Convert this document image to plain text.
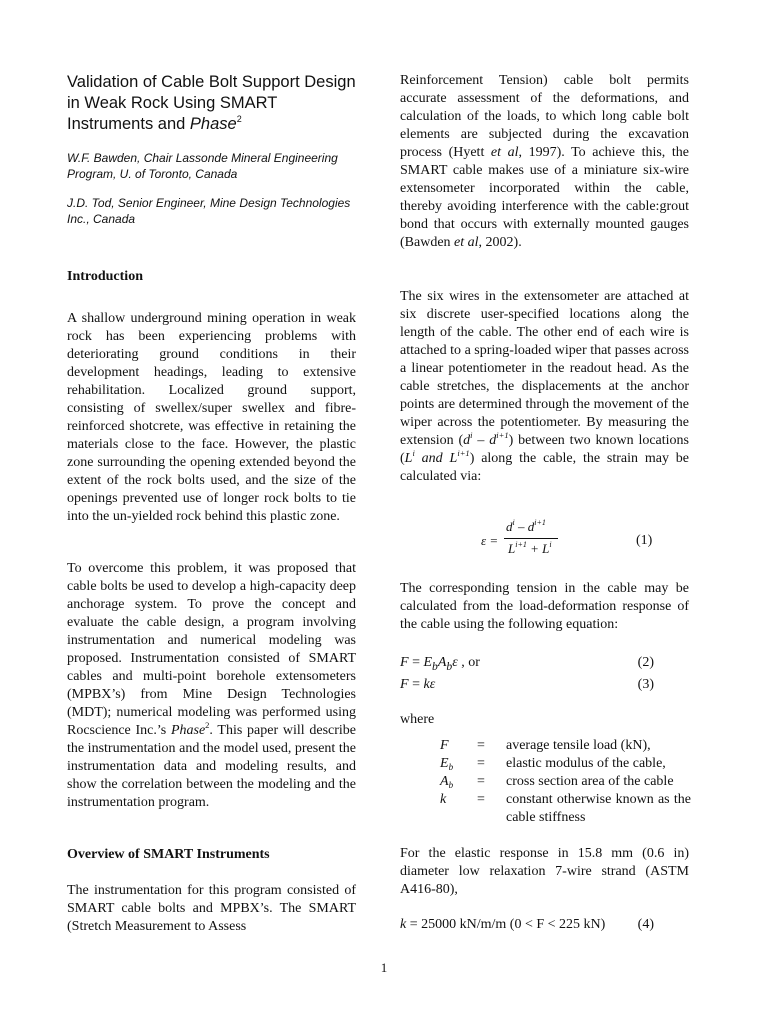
Validation of Cable Bolt Support Design in Weak Rock Using SMART Instruments and Phase$^2$
W.F. Bawden, Chair Lassonde Mineral Engineering Program, U. of Toronto, Canada
J.D. Tod, Senior Engineer, Mine Design Technologies Inc., Canada
Introduction

A shallow underground mining operation in weak rock has been experiencing problems with deteriorating ground conditions in their development headings, leading to extensive rehabilitation. Localized ground support, consisting of swellex/super swellex and fibre-reinforced shotcrete, was effective in retaining the materials close to the face. However, the plastic zone surrounding the opening extended beyond the extent of the rock bolts used, and the size of the openings prevented use of longer rock bolts to tie into the un-yielded rock behind this plastic zone.

To overcome this problem, it was proposed that cable bolts be used to develop a high-capacity deep anchorage system. To prove the concept and evaluate the cable design, a program involving instrumentation and numerical modeling was proposed. Instrumentation consisted of SMART cables and multi-point borehole extensometers (MPBX’s) from Mine Design Technologies (MDT); numerical modeling was performed using Rocscience Inc.’s Phase$^2$. This paper will describe the instrumentation and the model used, present the instrumentation data and modeling results, and show the correlation between the modeling and the instrumentation program.

Overview of SMART Instruments

The instrumentation for this program consisted of SMART cable bolts and MPBX’s. The SMART (Stretch Measurement to Assess

Reinforcement Tension) cable bolt permits accurate assessment of the deformations, and calculation of the loads, to which long cable bolt elements are subjected during the excavation process (Hyett et al, 1997). To achieve this, the SMART cable makes use of a miniature six-wire extensometer incorporated within the cable, thereby avoiding interference with the cable:grout bond that occurs with externally mounted gauges (Bawden et al, 2002).

The six wires in the extensometer are attached at six discrete user-specified locations along the length of the cable. The other end of each wire is attached to a spring-loaded wiper that passes across a linear potentiometer in the readout head. As the cable stretches, the displacements at the anchor points are determined through the movement of the wiper across the potentiometer. By measuring the extension $(d^i - d^{i+1})$ between two known locations ($L^i$ and $L^{i+1}$) along the cable, the strain may be calculated via:

ε =
$d^i - d^{i+1}$
$L^{i+1} + L^i$	(1)

The corresponding tension in the cable may be calculated from the load-deformation response of the cable using the following equation:

$F = E_bA_b\varepsilon$ , or	(2)
F = kε	(3)
where
F = average tensile load (kN),
$E_b$ = elastic modulus of the cable,
$A_b$ = cross section area of the cable
k = constant otherwise known as the cable stiffness

For the elastic response in 15.8 mm (0.6 in) diameter low relaxation 7-wire strand (ASTM A416-80),

k = 25000 kN/m/m (0 < F < 225 kN) (4)
1
